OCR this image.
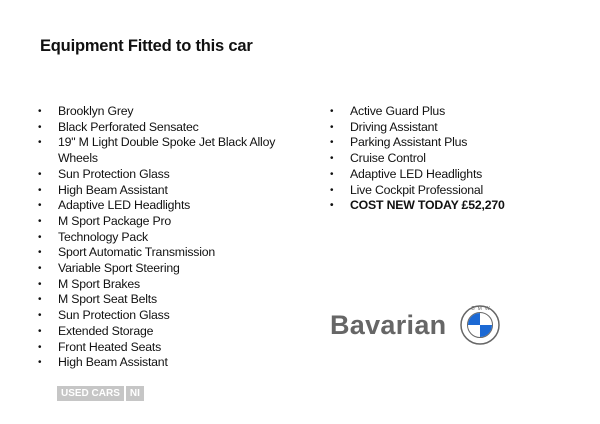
Equipment Fitted to this car
• Brooklyn Grey
• Black Perforated Sensatec
• 19" M Light Double Spoke Jet Black Alloy Wheels
• Sun Protection Glass
• High Beam Assistant
• Adaptive LED Headlights
• M Sport Package Pro
• Technology Pack
• Sport Automatic Transmission
• Variable Sport Steering
• M Sport Brakes
• M Sport Seat Belts
• Sun Protection Glass
• Extended Storage
• Front Heated Seats
• High Beam Assistant
• Active Guard Plus
• Driving Assistant
• Parking Assistant Plus
• Cruise Control
• Adaptive LED Headlights
• Live Cockpit Professional
• COST NEW TODAY £52,270
Bavarian
BMW
USED CARS	NI
